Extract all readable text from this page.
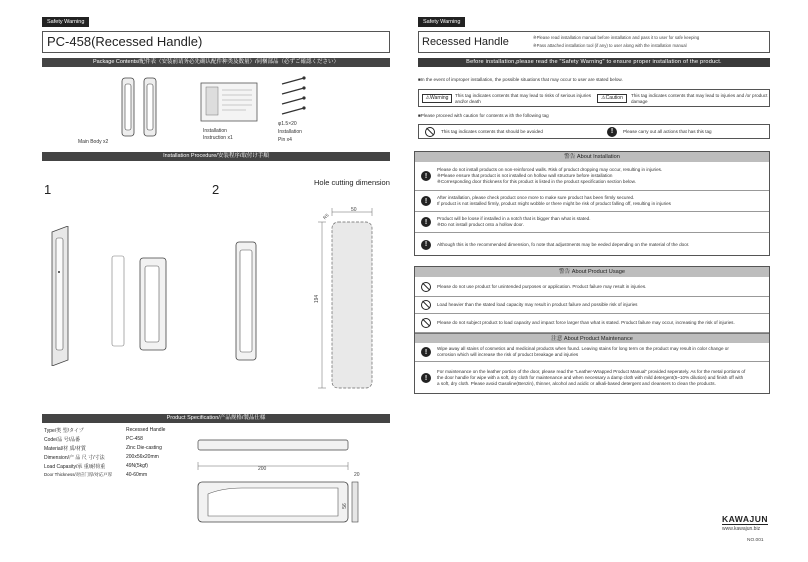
Safety Warning
PC-458(Recessed Handle)
Package Contents/配件表（安装前请务必先确认配件种类及数量）/同梱部品（必ずご確認ください）
Main Body x2
Installation
Instruction x1
φ1.5×20
Installation
Pin x4
Installation Procedure/安装程序/取付け手順
1	2	Hole cutting dimension
50
194
R5
Product Specification/产品规格/製品仕様
Type/类 型/タイプ	Recessed Handle
Code/品 号/品番	PC-458
Material/材 质/材質	Zinc Die-casting
Dimension/产 品 尺 寸/寸法	200x56x20mm
Load Capasity/承 重/耐荷重	49N(5kgf)
Door Thickness/对应门厚/対応戸厚	40-60mm
200
56
20
Safety Warning
Recessed Handle	※Please read installation manual before installation and pass it to user for safe keeping
※Pass attached installation tool (if any) to user along with the installation manual
Before installation,please read the "Safety Warning" to ensure proper installation of the product.
■In the event of improper installation, the possible situations that may occur to user are stated below.
⚠Warning	This tag indicates contents that may lead to risks of serious injuries and/or death
⚠Caution	This tag indicates contents that may lead to injuries and /or product damage
■Please proceed with caution for contents w ith the following tag
This tag indicates contents that should be avoided	!	Please carry out all actions that has this tag
警告 About Installation
!
Please do not install products on non-reinforced walls. Risk of product dropping may occur, resulting in injuries.
※Please ensure that product is not installed on hollow wall structure before installation
※Corresponding door thickness for this product is listed in the product specification section below.
!	After installation, please check product once more to make sure product has been firmly secured.
If product is not installed firmly, product might wobble or there might be risk of product falling off, resulting in injuries
!	Product will be loose if installed in a notch that is bigger than what is stated.
※Do not install product onto a hollow door.
!	Although this is the recommended dimension, fo note that adjustments may be eeded depending on the material of the door.
警告 About Product Usage
Please do not use product for unintended purposes or application. Product failure may result in injuries.
Load heavier than the stated load capacity may result in product failure and possible risk of injuries
Please do not subject product to load capacity and impact force larger than what is stated. Product failure may occur, increasing the risk of injuries.
注意 About Product Maintenance
!	Wipe away all stains of cosmetics and medicinal products when found. Leaving stains for long term on the product may result in color change or corrosion which will increase the risk of product breakage and injuries
!
For maintenance on the leather portion of the door, please read the "Leather-Wrapped Product Manual" provided seperately. As for the metal portions of the door handle for wipe with a soft, dry cloth for maintenance and when necessary a damp cloth with mild detergent(5~10% dilution) and finish off with a soft, dry cloth. Please avoid Gasoline(Benzin), thinner, alcohol and acidic or alkali-based detergent and cleansers to clean the products.
KAWAJUN
www.kawajun.biz
NO.001
